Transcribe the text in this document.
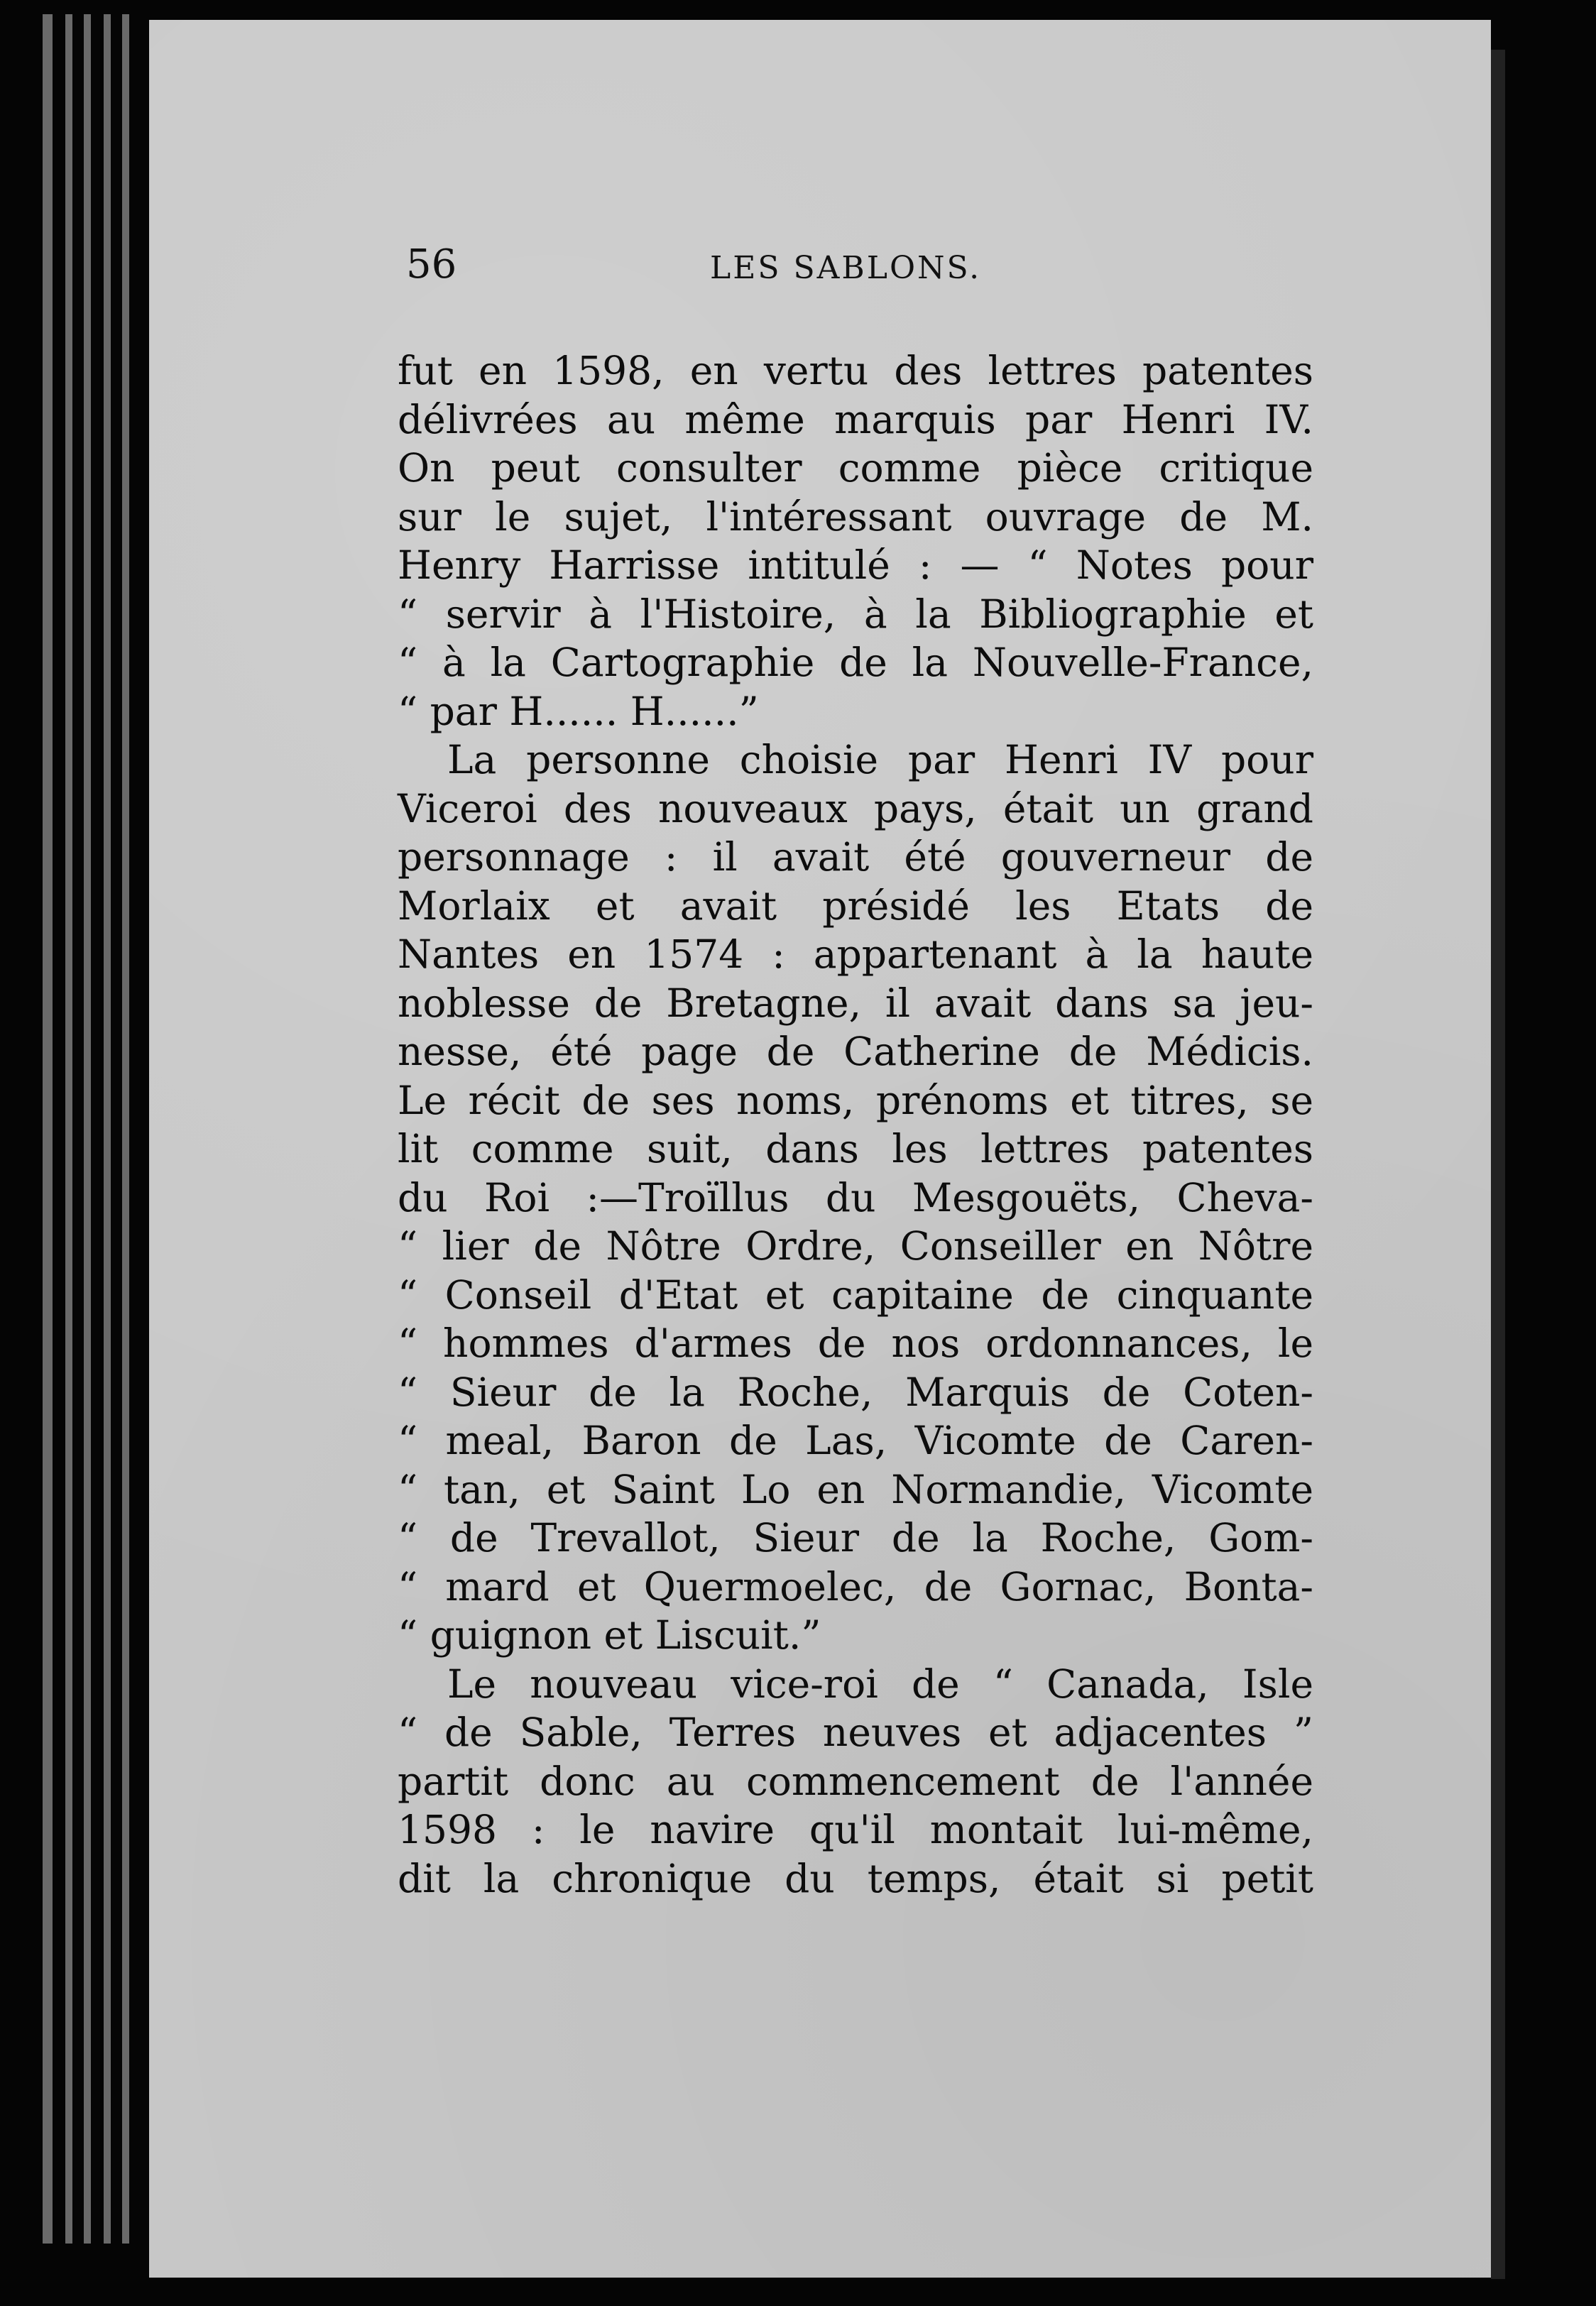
56	LES SABLONS.
fut en 1598, en vertu des lettres patentes
délivrées au même marquis par Henri IV.
On peut consulter comme pièce critique
sur le sujet, l'intéressant ouvrage de M.
Henry Harrisse intitulé : — “ Notes pour
“ servir à l'Histoire, à la Bibliographie et
“ à la Cartographie de la Nouvelle-France,
“ par H...... H......”
La personne choisie par Henri IV pour
Viceroi des nouveaux pays, était un grand
personnage : il avait été gouverneur de
Morlaix et avait présidé les Etats de
Nantes en 1574 : appartenant à la haute
noblesse de Bretagne, il avait dans sa jeu-
nesse, été page de Catherine de Médicis.
Le récit de ses noms, prénoms et titres, se
lit comme suit, dans les lettres patentes
du Roi :—Troïllus du Mesgouëts, Cheva-
“ lier de Nôtre Ordre, Conseiller en Nôtre
“ Conseil d'Etat et capitaine de cinquante
“ hommes d'armes de nos ordonnances, le
“ Sieur de la Roche, Marquis de Coten-
“ meal, Baron de Las, Vicomte de Caren-
“ tan, et Saint Lo en Normandie, Vicomte
“ de Trevallot, Sieur de la Roche, Gom-
“ mard et Quermoelec, de Gornac, Bonta-
“ guignon et Liscuit.”
Le nouveau vice-roi de “ Canada, Isle
“ de Sable, Terres neuves et adjacentes ”
partit donc au commencement de l'année
1598 : le navire qu'il montait lui-même,
dit la chronique du temps, était si petit
